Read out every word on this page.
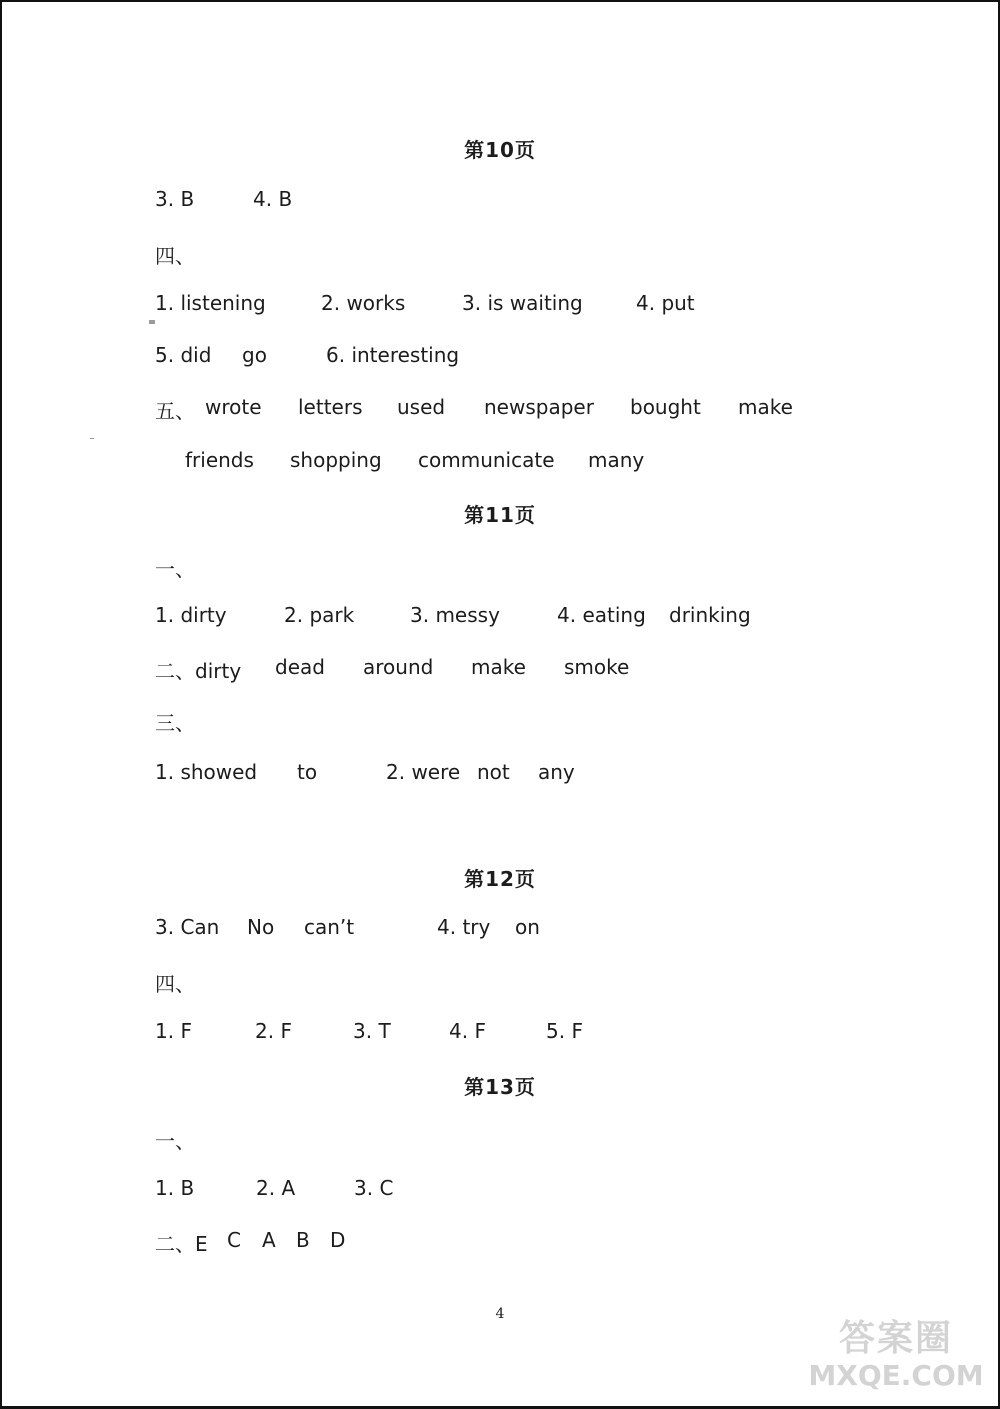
第10页
3. B	4. B
四、
1. listening	2. works	3. is waiting	4. put
5. did go	6. interesting
五、 wrote letters used newspaper bought make
friends shopping communicate many
第11页
一、
1. dirty	2. park	3. messy	4. eating drinking
二、dirty dead around make smoke
三、
1. showed to	2. were not any
第12页
3. Can No can’t	4. try on
四、
1. F	2. F	3. T	4. F	5. F
第13页
一、
1. B	2. A	3. C
二、E C A B D
4
答案圈
MXQE.COM
